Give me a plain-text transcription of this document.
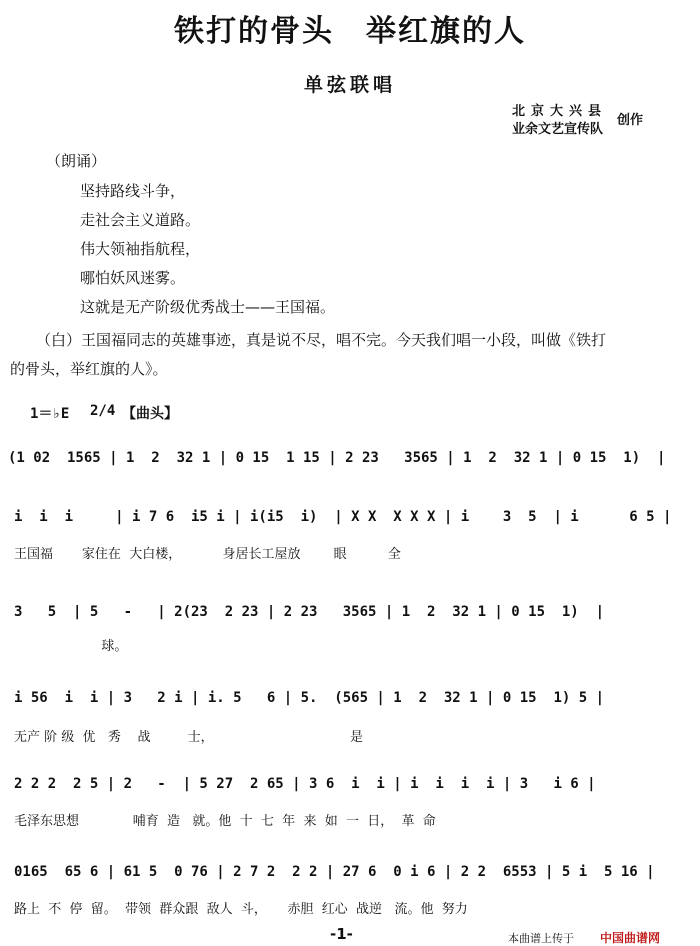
铁打的骨头　举红旗的人
单弦联唱
北京大兴县
业余文艺宣传队
创作
（朗诵）
坚持路线斗争，
走社会主义道路。
伟大领袖指航程，
哪怕妖风迷雾。
这就是无产阶级优秀战士——王国福。
（白）王国福同志的英雄事迹，真是说不尽，唱不完。今天我们唱一小段，叫做《铁打
的骨头，举红旗的人》。
1＝♭E 2/4 【曲头】
(1 02  1565 | 1  2  32 1 | 0 15  1 15 | 2 23   3565 | 1  2  32 1 | 0 15  1)  |
i  i  i     | i 7 6  i5 i | i(i5  i)  | X X  X X X | i    3  5  | i      6 5 |
王国福       家住在  大白楼，          身居长工屋放        眼          全
3   5  | 5   -   | 2(23  2 23 | 2 23   3565 | 1  2  32 1 | 0 15  1)  |
球。
i 56  i  i | 3   2 i | i. 5   6 | 5.  (565 | 1  2  32 1 | 0 15  1) 5 |
无产 阶 级  优   秀    战         士，                                 是
2 2 2  2 5 | 2   -  | 5 27  2 65 | 3 6  i  i | i  i  i  i | 3   i 6 |
毛泽东思想             哺育  造   就。他  十  七  年  来  如  一  日，  革  命
0165  65 6 | 61 5  0 76 | 2 7 2  2 2 | 27 6  0 i 6 | 2 2  6553 | 5 i  5 16 |
路上  不  停  留。  带领  群众跟  敌人  斗，     赤胆  红心  战逆   流。他  努力
-1-	本曲谱上传于 中国曲谱网
